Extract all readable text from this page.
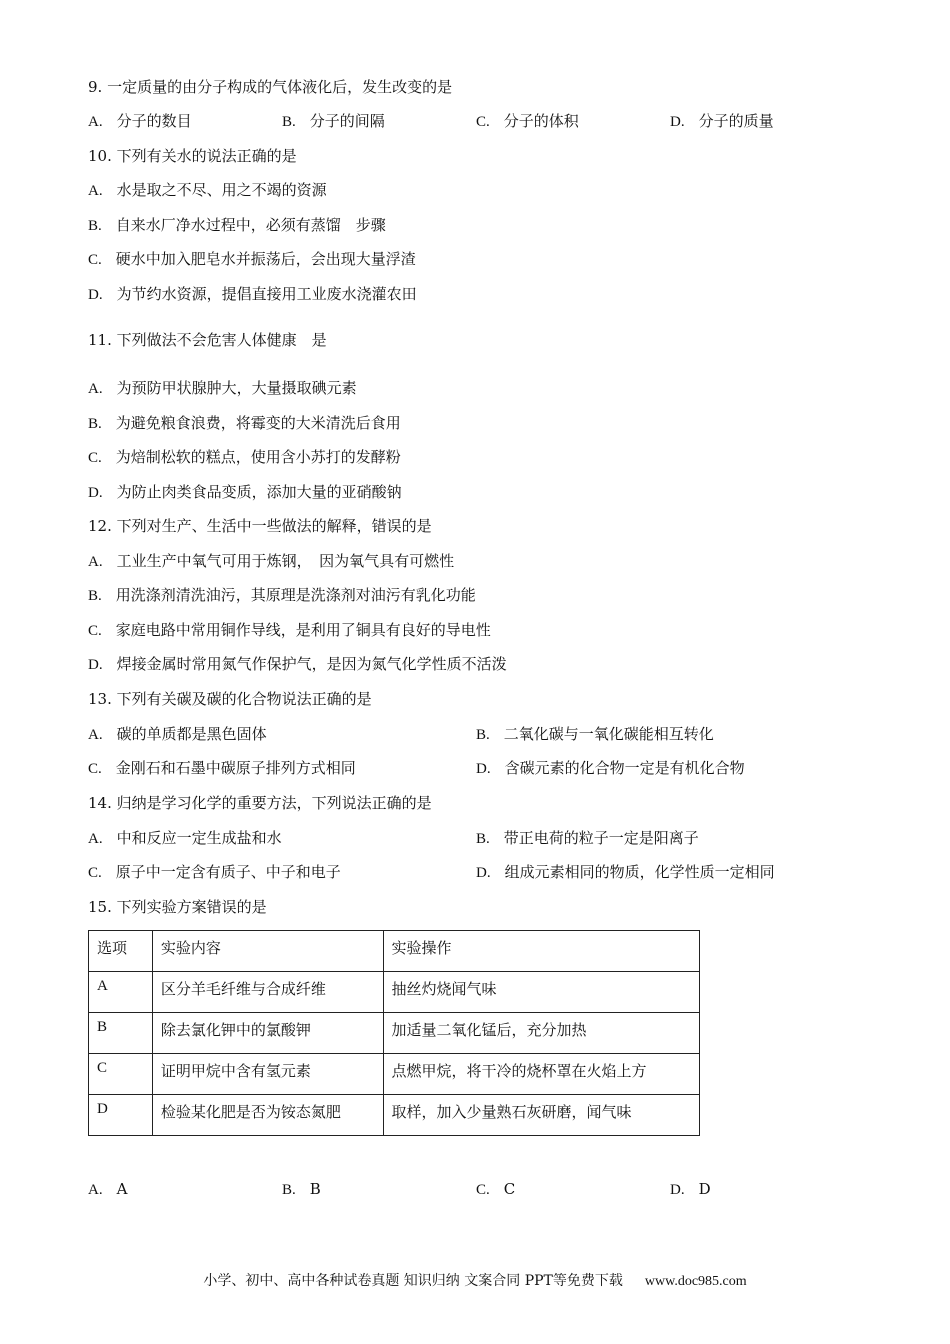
9. 一定质量的由分子构成的气体液化后，发生改变的是
A. 分子的数目	B. 分子的间隔	C. 分子的体积	D. 分子的质量
10. 下列有关水的说法正确的是
A. 水是取之不尽、用之不竭的资源
B. 自来水厂净水过程中，必须有蒸馏　步骤
C. 硬水中加入肥皂水并振荡后，会出现大量浮渣
D. 为节约水资源，提倡直接用工业废水浇灌农田
11. 下列做法不会危害人体健康　是
A. 为预防甲状腺肿大，大量摄取碘元素
B. 为避免粮食浪费，将霉变的大米清洗后食用
C. 为焙制松软的糕点，使用含小苏打的发酵粉
D. 为防止肉类食品变质，添加大量的亚硝酸钠
12. 下列对生产、生活中一些做法的解释，错误的是
A. 工业生产中氧气可用于炼钢，　因为氧气具有可燃性
B. 用洗涤剂清洗油污，其原理是洗涤剂对油污有乳化功能
C. 家庭电路中常用铜作导线，是利用了铜具有良好的导电性
D. 焊接金属时常用氮气作保护气，是因为氮气化学性质不活泼
13. 下列有关碳及碳的化合物说法正确的是
A. 碳的单质都是黑色固体	B. 二氧化碳与一氧化碳能相互转化
C. 金刚石和石墨中碳原子排列方式相同	D. 含碳元素的化合物一定是有机化合物
14. 归纳是学习化学的重要方法，下列说法正确的是
A. 中和反应一定生成盐和水	B. 带正电荷的粒子一定是阳离子
C. 原子中一定含有质子、中子和电子	D. 组成元素相同的物质，化学性质一定相同
15. 下列实验方案错误的是
选项	实验内容	实验操作
A	区分羊毛纤维与合成纤维	抽丝灼烧闻气味
B	除去氯化钾中的氯酸钾	加适量二氧化锰后，充分加热
C	证明甲烷中含有氢元素	点燃甲烷，将干冷的烧杯罩在火焰上方
D	检验某化肥是否为铵态氮肥	取样，加入少量熟石灰研磨，闻气味
A. A	B. B	C. C	D. D
小学、初中、高中各种试卷真题 知识归纳 文案合同 PPT等免费下载 www.doc985.com
